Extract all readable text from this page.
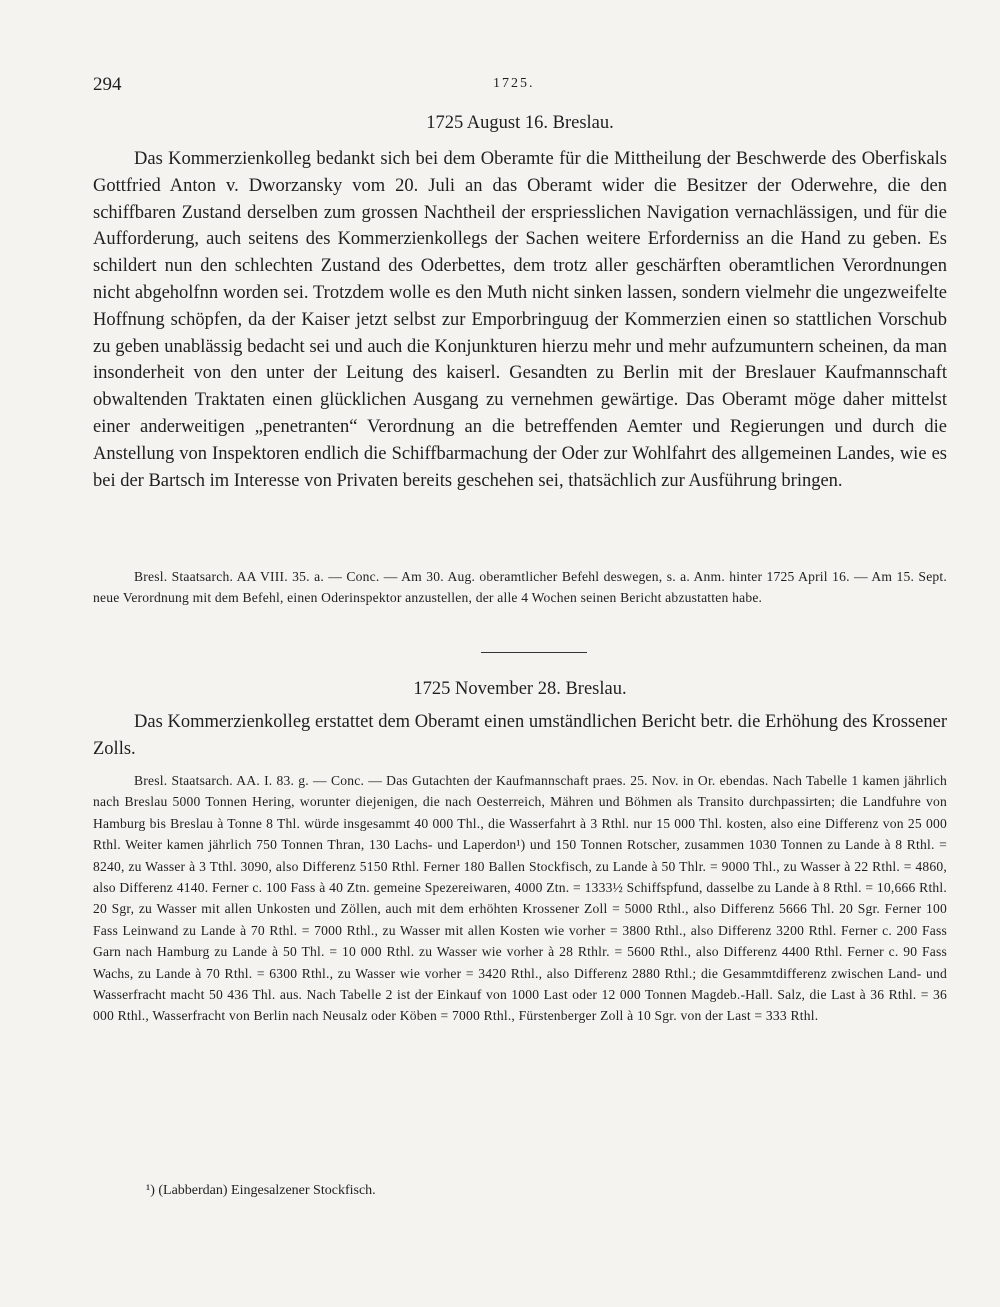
294	1725.
1725 August 16. Breslau.

Das Kommerzienkolleg bedankt sich bei dem Oberamte für die Mittheilung der Beschwerde des Oberfiskals Gottfried Anton v. Dworzansky vom 20. Juli an das Oberamt wider die Besitzer der Oderwehre, die den schiffbaren Zustand derselben zum grossen Nachtheil der erspriesslichen Navigation vernachlässigen, und für die Aufforderung, auch seitens des Kommerzienkollegs der Sachen weitere Erforderniss an die Hand zu geben. Es schildert nun den schlechten Zustand des Oderbettes, dem trotz aller geschärften oberamtlichen Verordnungen nicht abgeholfnn worden sei. Trotzdem wolle es den Muth nicht sinken lassen, sondern vielmehr die ungezweifelte Hoffnung schöpfen, da der Kaiser jetzt selbst zur Emporbringuug der Kommerzien einen so stattlichen Vorschub zu geben unablässig bedacht sei und auch die Konjunkturen hierzu mehr und mehr aufzumuntern scheinen, da man insonderheit von den unter der Leitung des kaiserl. Gesandten zu Berlin mit der Breslauer Kaufmannschaft obwaltenden Traktaten einen glücklichen Ausgang zu vernehmen gewärtige. Das Oberamt möge daher mittelst einer anderweitigen „penetranten“ Verordnung an die betreffenden Aemter und Regierungen und durch die Anstellung von Inspektoren endlich die Schiffbarmachung der Oder zur Wohlfahrt des allgemeinen Landes, wie es bei der Bartsch im Interesse von Privaten bereits geschehen sei, thatsächlich zur Ausführung bringen.

Bresl. Staatsarch. AA VIII. 35. a. — Conc. — Am 30. Aug. oberamtlicher Befehl deswegen, s. a. Anm. hinter 1725 April 16. — Am 15. Sept. neue Verordnung mit dem Befehl, einen Oderinspektor anzustellen, der alle 4 Wochen seinen Bericht abzustatten habe.

1725 November 28. Breslau.

Das Kommerzienkolleg erstattet dem Oberamt einen umständlichen Bericht betr. die Erhöhung des Krossener Zolls.

Bresl. Staatsarch. AA. I. 83. g. — Conc. — Das Gutachten der Kaufmannschaft praes. 25. Nov. in Or. ebendas. Nach Tabelle 1 kamen jährlich nach Breslau 5000 Tonnen Hering, worunter diejenigen, die nach Oesterreich, Mähren und Böhmen als Transito durchpassirten; die Landfuhre von Hamburg bis Breslau à Tonne 8 Thl. würde insgesammt 40 000 Thl., die Wasserfahrt à 3 Rthl. nur 15 000 Thl. kosten, also eine Differenz von 25 000 Rthl. Weiter kamen jährlich 750 Tonnen Thran, 130 Lachs- und Laperdon¹) und 150 Tonnen Rotscher, zusammen 1030 Tonnen zu Lande à 8 Rthl. = 8240, zu Wasser à 3 Tthl. 3090, also Differenz 5150 Rthl. Ferner 180 Ballen Stockfisch, zu Lande à 50 Thlr. = 9000 Thl., zu Wasser à 22 Rthl. = 4860, also Differenz 4140. Ferner c. 100 Fass à 40 Ztn. gemeine Spezereiwaren, 4000 Ztn. = 1333½ Schiffspfund, dasselbe zu Lande à 8 Rthl. = 10,666 Rthl. 20 Sgr, zu Wasser mit allen Unkosten und Zöllen, auch mit dem erhöhten Krossener Zoll = 5000 Rthl., also Differenz 5666 Thl. 20 Sgr. Ferner 100 Fass Leinwand zu Lande à 70 Rthl. = 7000 Rthl., zu Wasser mit allen Kosten wie vorher = 3800 Rthl., also Differenz 3200 Rthl. Ferner c. 200 Fass Garn nach Hamburg zu Lande à 50 Thl. = 10 000 Rthl. zu Wasser wie vorher à 28 Rthlr. = 5600 Rthl., also Differenz 4400 Rthl. Ferner c. 90 Fass Wachs, zu Lande à 70 Rthl. = 6300 Rthl., zu Wasser wie vorher = 3420 Rthl., also Differenz 2880 Rthl.; die Gesammtdifferenz zwischen Land- und Wasserfracht macht 50 436 Thl. aus. Nach Tabelle 2 ist der Einkauf von 1000 Last oder 12 000 Tonnen Magdeb.-Hall. Salz, die Last à 36 Rthl. = 36 000 Rthl., Wasserfracht von Berlin nach Neusalz oder Köben = 7000 Rthl., Fürstenberger Zoll à 10 Sgr. von der Last = 333 Rthl.

¹) (Labberdan) Eingesalzener Stockfisch.
